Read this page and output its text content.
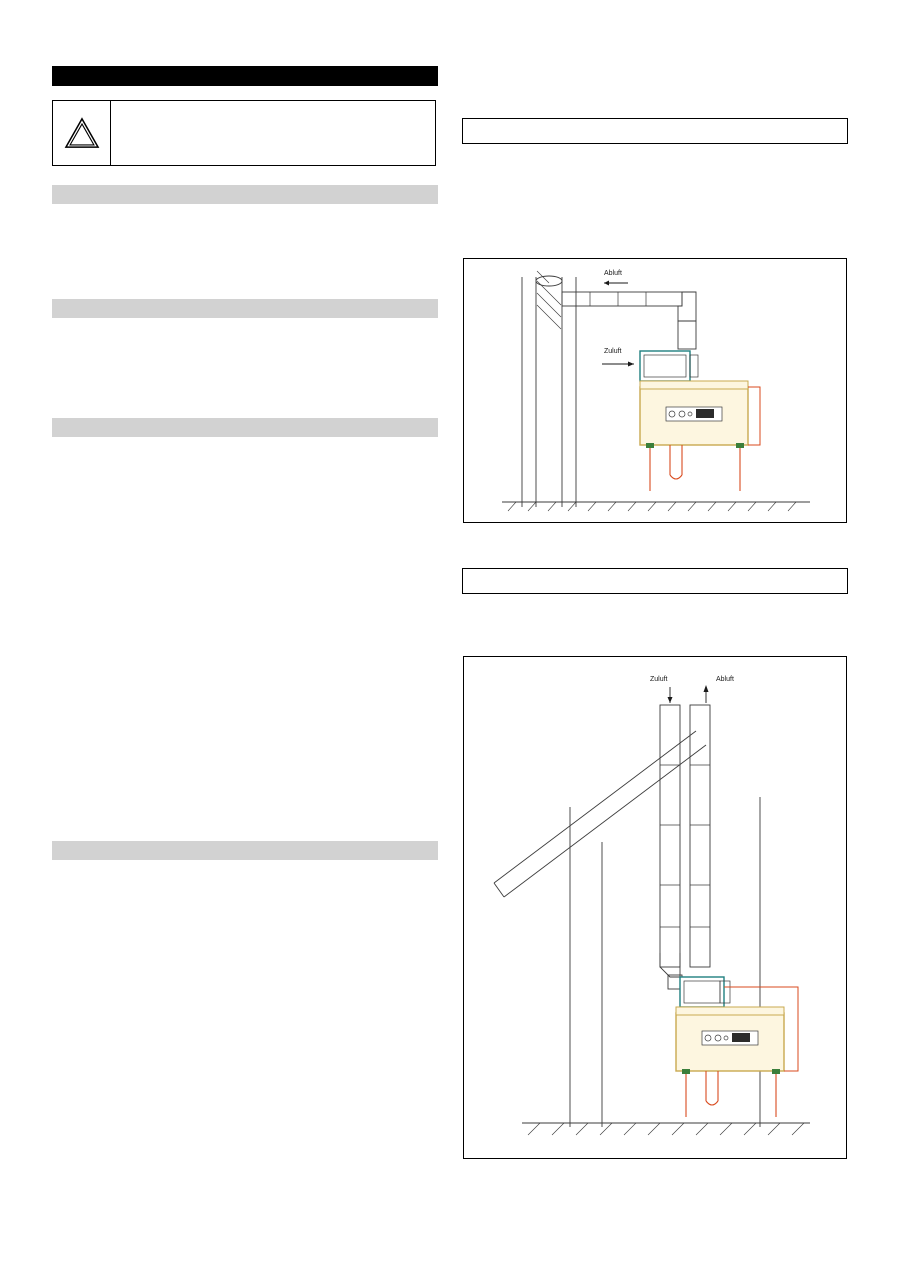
Abluft
Zuluft
Zuluft	Abluft
